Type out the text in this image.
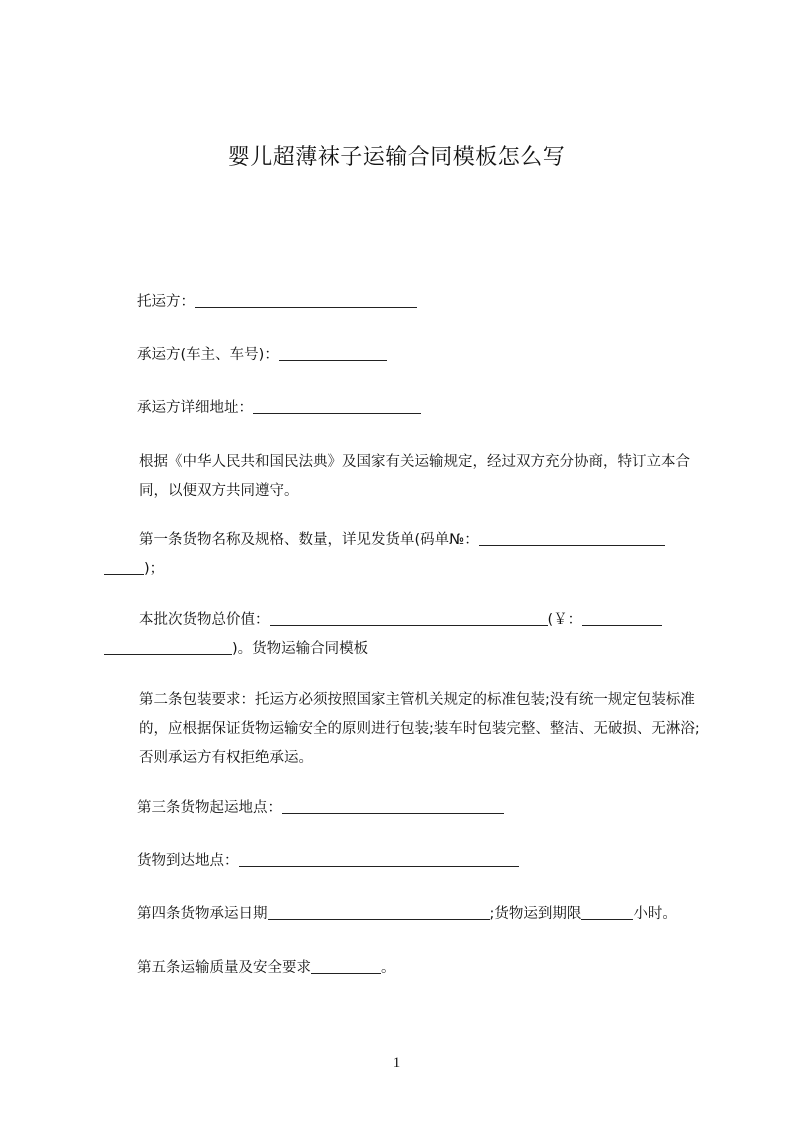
婴儿超薄袜子运输合同模板怎么写
托运方：
承运方(车主、车号)：
承运方详细地址：
根据《中华人民共和国民法典》及国家有关运输规定，经过双方充分协商，特订立本合同，以便双方共同遵守。
第一条货物名称及规格、数量，详见发货单(码单№：
)；
本批次货物总价值：	(￥：
)。货物运输合同模板
第二条包装要求：托运方必须按照国家主管机关规定的标准包装;没有统一规定包装标准的，应根据保证货物运输安全的原则进行包装;装车时包装完整、整洁、无破损、无淋浴;否则承运方有权拒绝承运。
第三条货物起运地点：
货物到达地点：
第四条货物承运日期	;货物运到期限	小时。
第五条运输质量及安全要求	。
1
